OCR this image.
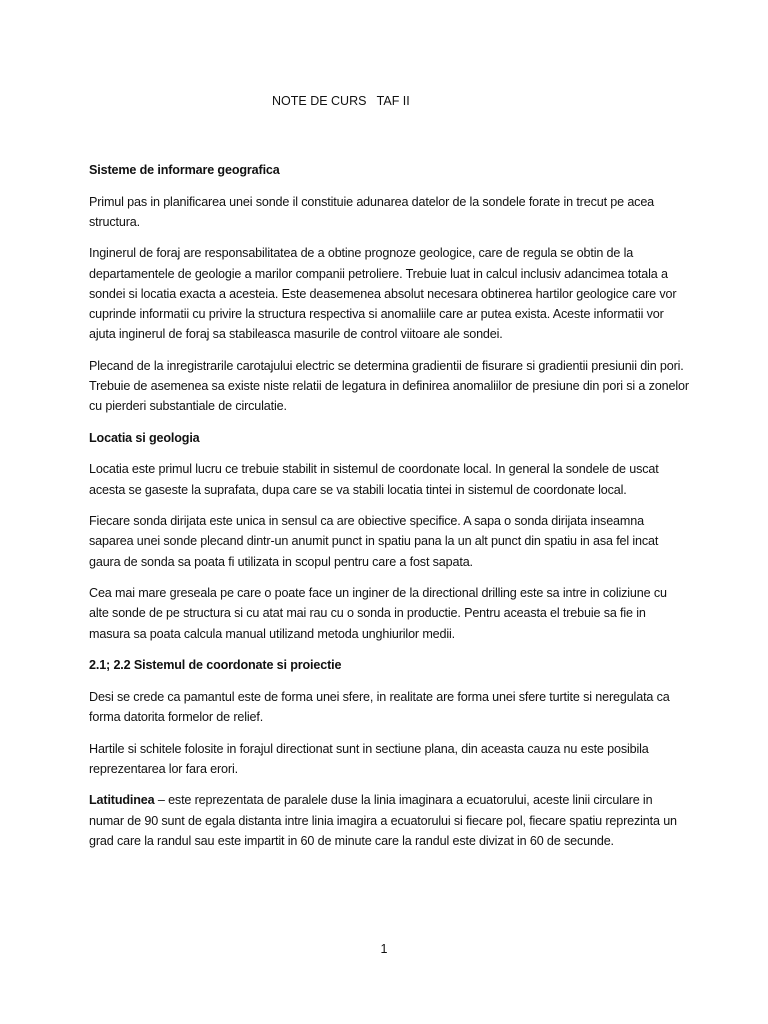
NOTE DE CURS   TAF II
Sisteme de informare geografica

Primul pas in planificarea unei sonde il constituie adunarea datelor de la sondele forate in trecut pe acea structura.

Inginerul de foraj are responsabilitatea de a obtine prognoze geologice, care de regula se obtin de la departamentele de geologie a marilor companii petroliere. Trebuie luat in calcul inclusiv adancimea totala a sondei si locatia exacta a acesteia. Este deasemenea absolut necesara obtinerea hartilor geologice care vor cuprinde informatii cu privire la structura respectiva si anomaliile care ar putea exista. Aceste informatii vor ajuta inginerul de foraj sa stabileasca masurile de control viitoare ale sondei.

Plecand de la inregistrarile carotajului electric se determina gradientii de fisurare si gradientii presiunii din pori. Trebuie de asemenea sa existe niste relatii de legatura in definirea anomaliilor de presiune din pori si a zonelor cu pierderi substantiale de circulatie.

Locatia si geologia

Locatia este primul lucru ce trebuie stabilit in sistemul de coordonate local. In general la sondele de uscat acesta se gaseste la suprafata, dupa care se va stabili locatia tintei in sistemul de coordonate local.

Fiecare sonda dirijata este unica in sensul ca are obiective specifice. A sapa o sonda dirijata inseamna saparea unei sonde plecand dintr-un anumit punct in spatiu pana la un alt punct din spatiu in asa fel incat gaura de sonda sa poata fi utilizata in scopul pentru care a fost sapata.

Cea mai mare greseala pe care o poate face un inginer de la directional drilling este sa intre in coliziune cu alte sonde de pe structura si cu atat mai rau cu o sonda in productie. Pentru aceasta el trebuie sa fie in masura sa poata calcula manual utilizand metoda unghiurilor medii.

2.1; 2.2 Sistemul de coordonate si proiectie

Desi se crede ca pamantul este de forma unei sfere, in realitate are forma unei sfere turtite si neregulata ca forma datorita formelor de relief.

Hartile si schitele folosite in forajul directionat sunt in sectiune plana, din aceasta cauza nu este posibila reprezentarea lor fara erori.

Latitudinea – este reprezentata de paralele duse la linia imaginara a ecuatorului, aceste linii circulare in numar de 90 sunt de egala distanta intre linia imagira a ecuatorului si fiecare pol, fiecare spatiu reprezinta un grad care la randul sau este impartit in 60 de minute care la randul este divizat in 60 de secunde.

1
